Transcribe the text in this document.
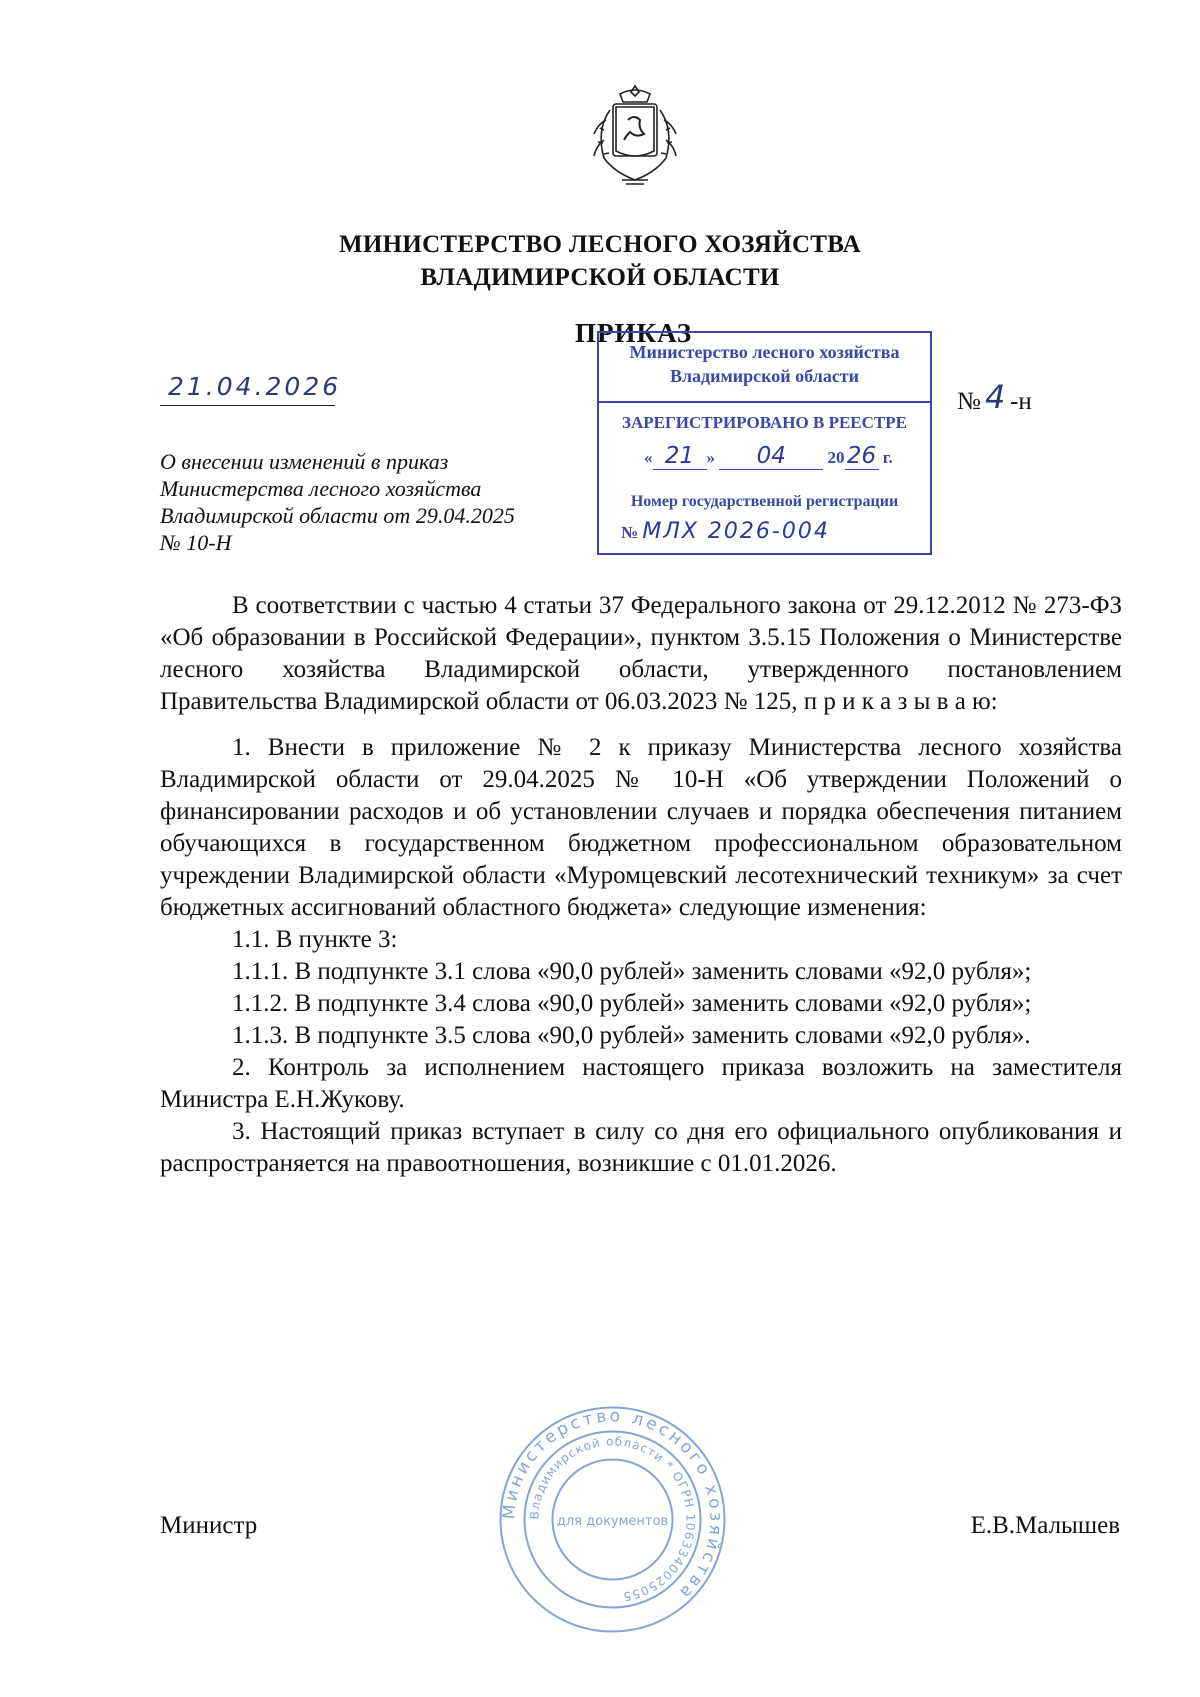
МИНИСТЕРСТВО ЛЕСНОГО ХОЗЯЙСТВА
ВЛАДИМИРСКОЙ ОБЛАСТИ
ПРИКАЗ
21.04.2026
№ 4 -н
Министерство лесного хозяйства
Владимирской области
ЗАРЕГИСТРИРОВАНО В РЕЕСТРЕ
« 21 » 04 20 26 г.
Номер государственной регистрации
№ МЛХ 2026-004
О внесении изменений в приказ
Министерства лесного хозяйства
Владимирской области от 29.04.2025
№ 10-Н

В соответствии с частью 4 статьи 37 Федерального закона от 29.12.2012 № 273-ФЗ «Об образовании в Российской Федерации», пунктом 3.5.15 Положения о Министерстве лесного хозяйства Владимирской области, утвержденного постановлением Правительства Владимирской области от 06.03.2023 № 125, п р и к а з ы в а ю:

1. Внести в приложение № 2 к приказу Министерства лесного хозяйства Владимирской области от 29.04.2025 № 10-Н «Об утверждении Положений о финансировании расходов и об установлении случаев и порядка обеспечения питанием обучающихся в государственном бюджетном профессиональном образовательном учреждении Владимирской области «Муромцевский лесотехнический техникум» за счет бюджетных ассигнований областного бюджета» следующие изменения:

1.1. В пункте 3:

1.1.1. В подпункте 3.1 слова «90,0 рублей» заменить словами «92,0 рубля»;

1.1.2. В подпункте 3.4 слова «90,0 рублей» заменить словами «92,0 рубля»;

1.1.3. В подпункте 3.5 слова «90,0 рублей» заменить словами «92,0 рубля».

2. Контроль за исполнением настоящего приказа возложить на заместителя Министра Е.Н.Жукову.

3. Настоящий приказ вступает в силу со дня его официального опубликования и распространяется на правоотношения, возникшие с 01.01.2026.

Министерство лесного хозяйства
Владимирской области * ОГРН 1063340025055
для документов
Министр	Е.В.Малышев
